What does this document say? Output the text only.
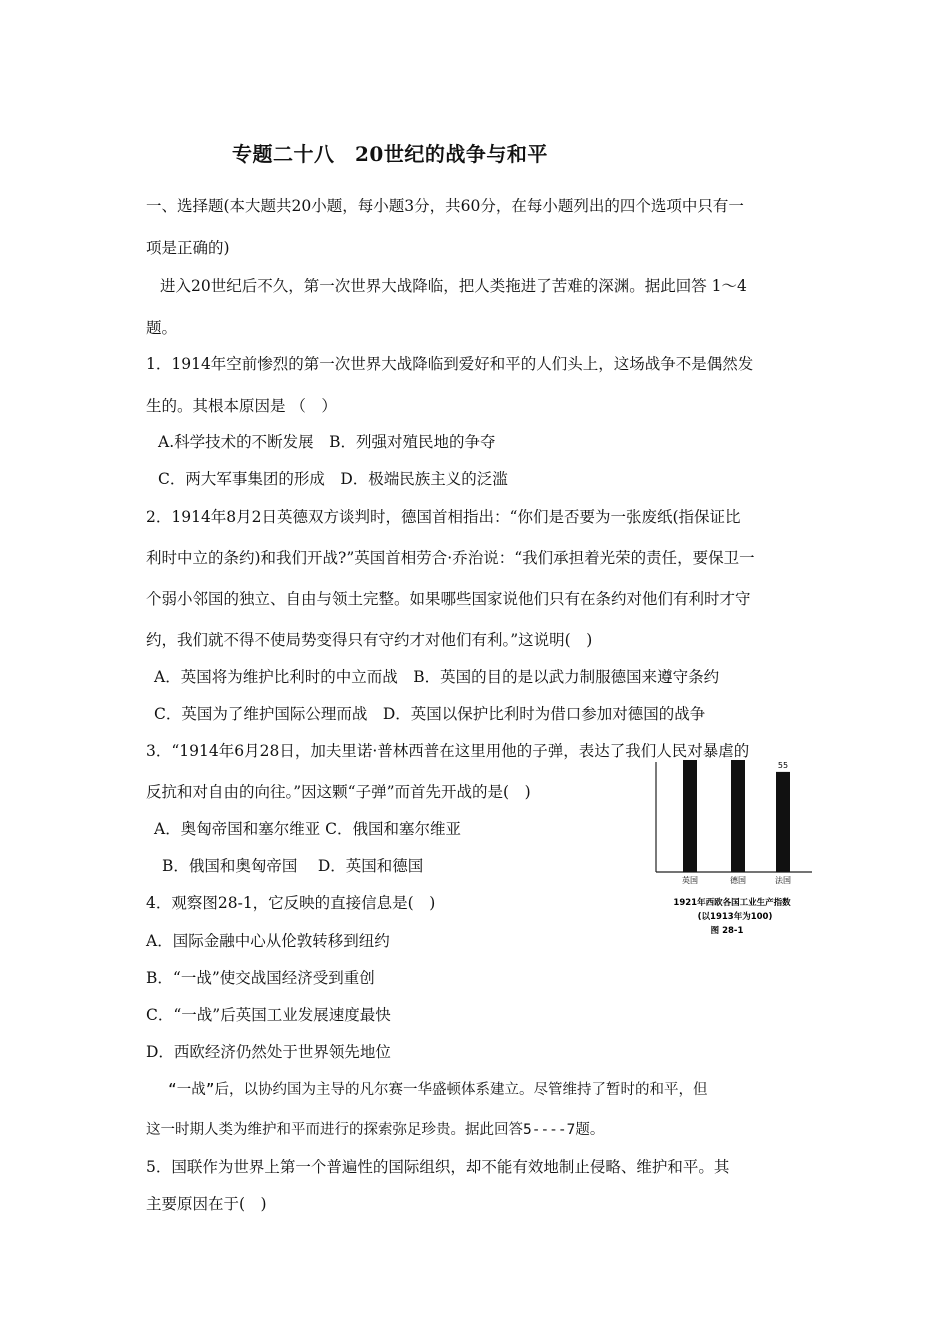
专题二十八　20世纪的战争与和平
一、选择题(本大题共20小题，每小题3分，共60分，在每小题列出的四个选项中只有一
项是正确的)
进入20世纪后不久，第一次世界大战降临，把人类拖进了苦难的深渊。据此回答 1～4
题。
1．1914年空前惨烈的第一次世界大战降临到爱好和平的人们头上，这场战争不是偶然发
生的。其根本原因是 （　）
A.科学技术的不断发展　B．列强对殖民地的争夺
C．两大军事集团的形成　D．极端民族主义的泛滥
2．1914年8月2日英德双方谈判时，德国首相指出：“你们是否要为一张废纸(指保证比
利时中立的条约)和我们开战?”英国首相劳合·乔治说：“我们承担着光荣的责任，要保卫一
个弱小邻国的独立、自由与领土完整。如果哪些国家说他们只有在条约对他们有利时才守
约，我们就不得不使局势变得只有守约才对他们有利。”这说明(　)
A．英国将为维护比利时的中立而战　B．英国的目的是以武力制服德国来遵守条约
C．英国为了维护国际公理而战　D．英国以保护比利时为借口参加对德国的战争
3．“1914年6月28日，加夫里诺·普林西普在这里用他的子弹，表达了我们人民对暴虐的
反抗和对自由的向往。”因这颗“子弹”而首先开战的是(　)
A．奥匈帝国和塞尔维亚 C．俄国和塞尔维亚
B．俄国和奥匈帝国　 D．英国和德国
4．观察图28-1，它反映的直接信息是(　)
A．国际金融中心从伦敦转移到纽约
B．“一战”使交战国经济受到重创
C．“一战”后英国工业发展速度最快
D．西欧经济仍然处于世界领先地位
“一战”后，以协约国为主导的凡尔赛一华盛顿体系建立。尽管维持了暂时的和平，但
这一时期人类为维护和平而进行的探索弥足珍贵。据此回答5----7题。
5．国联作为世界上第一个普遍性的国际组织，却不能有效地制止侵略、维护和平。其
主要原因在于(　)
英国	德国
55
法国
1921年西欧各国工业生产指数
(以1913年为100)
图 28-1
